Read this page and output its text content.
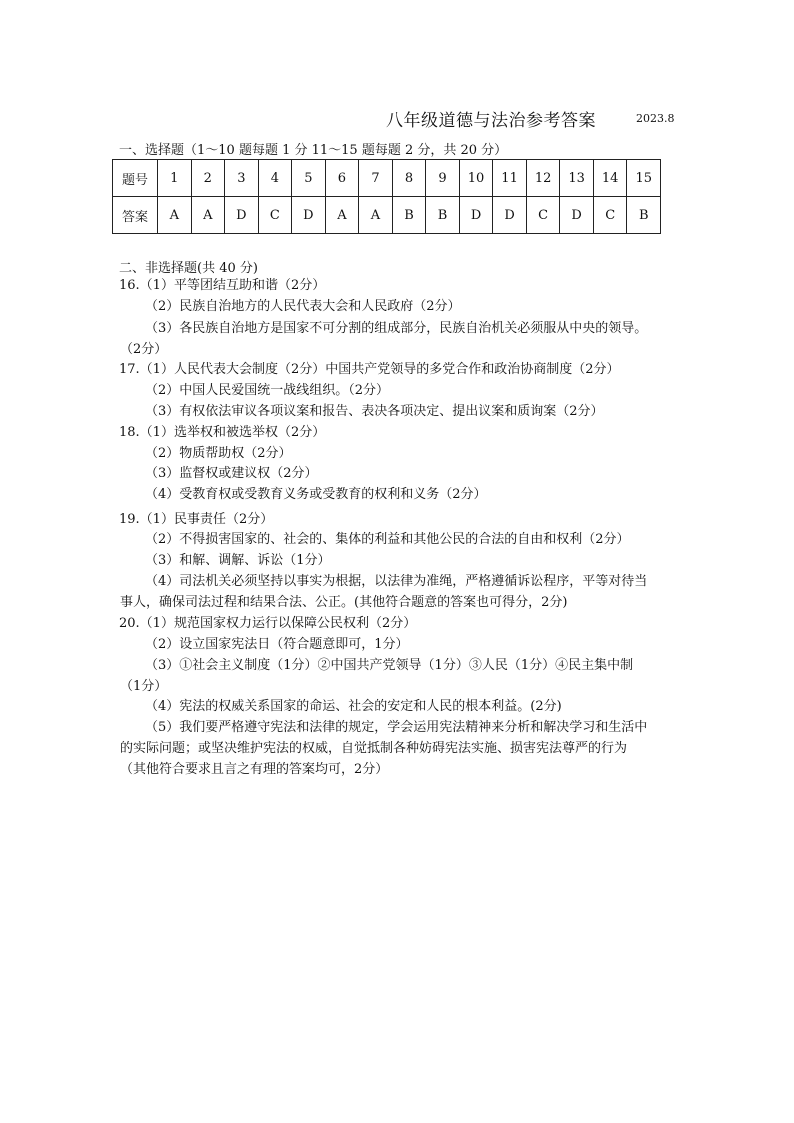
八年级道德与法治参考答案	2023.8
一、选择题（1～10 题每题 1 分 11～15 题每题 2 分，共 20 分）
题号	1	2	3	4	5	6	7	8	9	10	11	12	13	14	15
答案	A	A	D	C	D	A	A	B	B	D	D	C	D	C	B
二、非选择题(共 40 分)
16.（1）平等团结互助和谐（2分）
（2）民族自治地方的人民代表大会和人民政府（2分）
（3）各民族自治地方是国家不可分割的组成部分，民族自治机关必须服从中央的领导。
（2分）
17.（1）人民代表大会制度（2分）中国共产党领导的多党合作和政治协商制度（2分）
（2）中国人民爱国统一战线组织。（2分）
（3）有权依法审议各项议案和报告、表决各项决定、提出议案和质询案（2分）
18.（1）选举权和被选举权（2分）
（2）物质帮助权（2分）
（3）监督权或建议权（2分）
（4）受教育权或受教育义务或受教育的权利和义务（2分）
19.（1）民事责任（2分）
（2）不得损害国家的、社会的、集体的利益和其他公民的合法的自由和权利（2分）
（3）和解、调解、诉讼（1分）
（4）司法机关必须坚持以事实为根据，以法律为准绳，严格遵循诉讼程序，平等对待当
事人，确保司法过程和结果合法、公正。(其他符合题意的答案也可得分，2分)
20.（1）规范国家权力运行以保障公民权利（2分）
（2）设立国家宪法日（符合题意即可，1分）
（3）①社会主义制度（1分）②中国共产党领导（1分）③人民（1分）④民主集中制
（1分）
（4）宪法的权威关系国家的命运、社会的安定和人民的根本利益。(2分)
（5）我们要严格遵守宪法和法律的规定，学会运用宪法精神来分析和解决学习和生活中
的实际问题；或坚决维护宪法的权威，自觉抵制各种妨碍宪法实施、损害宪法尊严的行为
（其他符合要求且言之有理的答案均可，2分）
